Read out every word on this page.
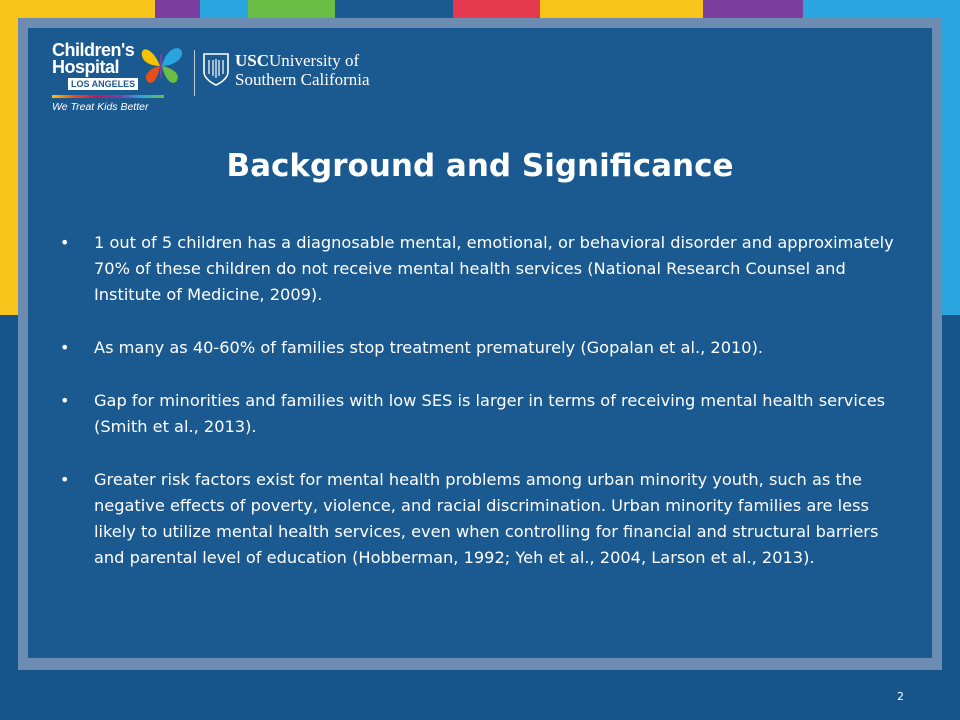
Children's
Hospital
LOS ANGELES
We Treat Kids Better
USCUniversity of
Southern California
Background and Significance
• 1 out of 5 children has a diagnosable mental, emotional, or behavioral disorder and approximately 70% of these children do not receive mental health services (National Research Counsel and Institute of Medicine, 2009).
• As many as 40-60% of families stop treatment prematurely (Gopalan et al., 2010).
• Gap for minorities and families with low SES is larger in terms of receiving mental health services (Smith et al., 2013).
• Greater risk factors exist for mental health problems among urban minority youth, such as the negative effects of poverty, violence, and racial discrimination. Urban minority families are less likely to utilize mental health services, even when controlling for financial and structural barriers and parental level of education (Hobberman, 1992; Yeh et al., 2004, Larson et al., 2013).
2
